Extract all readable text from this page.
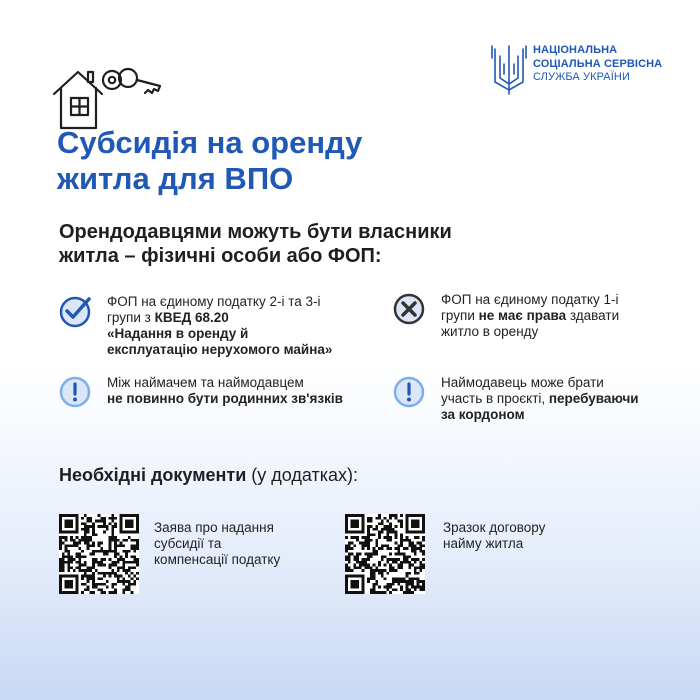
НАЦІОНАЛЬНА
СОЦІАЛЬНА СЕРВІСНА
СЛУЖБА УКРАЇНИ
Субсидія на оренду
житла для ВПО
Орендодавцями можуть бути власники
житла – фізичні особи або ФОП:
ФОП на єдиному податку 2-і та 3-і
групи з КВЕД 68.20
«Надання в оренду й
експлуатацію нерухомого майна»
ФОП на єдиному податку 1-і
групи не має права здавати
житло в оренду
Між наймачем та наймодавцем
не повинно бути родинних зв'язків
Наймодавець може брати
участь в проєкті, перебуваючи
за кордоном
Необхідні документи (у додатках):
Заява про надання
субсидії та
компенсації податку
Зразок договору
найму житла
